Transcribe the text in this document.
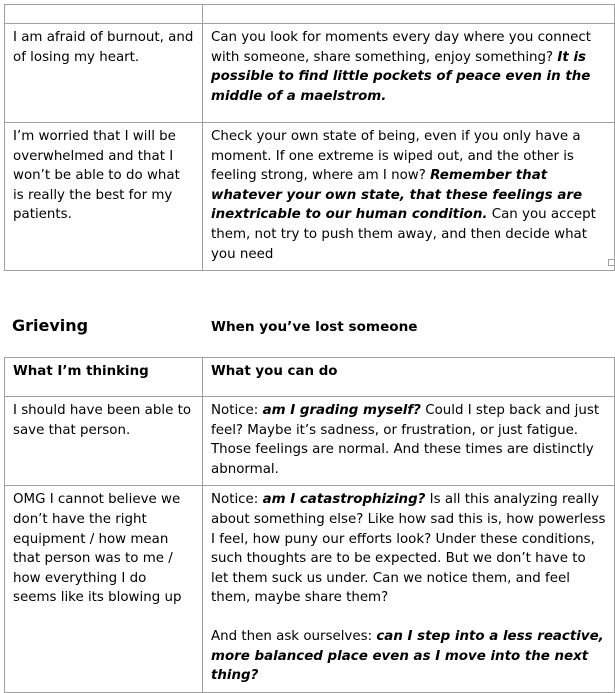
I am afraid of burnout, and of losing my heart.	Can you look for moments every day where you connect with someone, share something, enjoy something? It is possible to find little pockets of peace even in the middle of a maelstrom.
I’m worried that I will be overwhelmed and that I won’t be able to do what is really the best for my patients.	Check your own state of being, even if you only have a moment. If one extreme is wiped out, and the other is feeling strong, where am I now? Remember that whatever your own state, that these feelings are inextricable to our human condition. Can you accept them, not try to push them away, and then decide what you need
Grieving	When you’ve lost someone
What I’m thinking	What you can do
I should have been able to save that person.	Notice: am I grading myself? Could I step back and just feel? Maybe it’s sadness, or frustration, or just fatigue. Those feelings are normal. And these times are distinctly abnormal.
OMG I cannot believe we don’t have the right equipment / how mean that person was to me / how everything I do seems like its blowing up	Notice: am I catastrophizing? Is all this analyzing really about something else? Like how sad this is, how powerless I feel, how puny our efforts look? Under these conditions, such thoughts are to be expected. But we don’t have to let them suck us under. Can we notice them, and feel them, maybe share them?
And then ask ourselves: can I step into a less reactive, more balanced place even as I move into the next thing?
